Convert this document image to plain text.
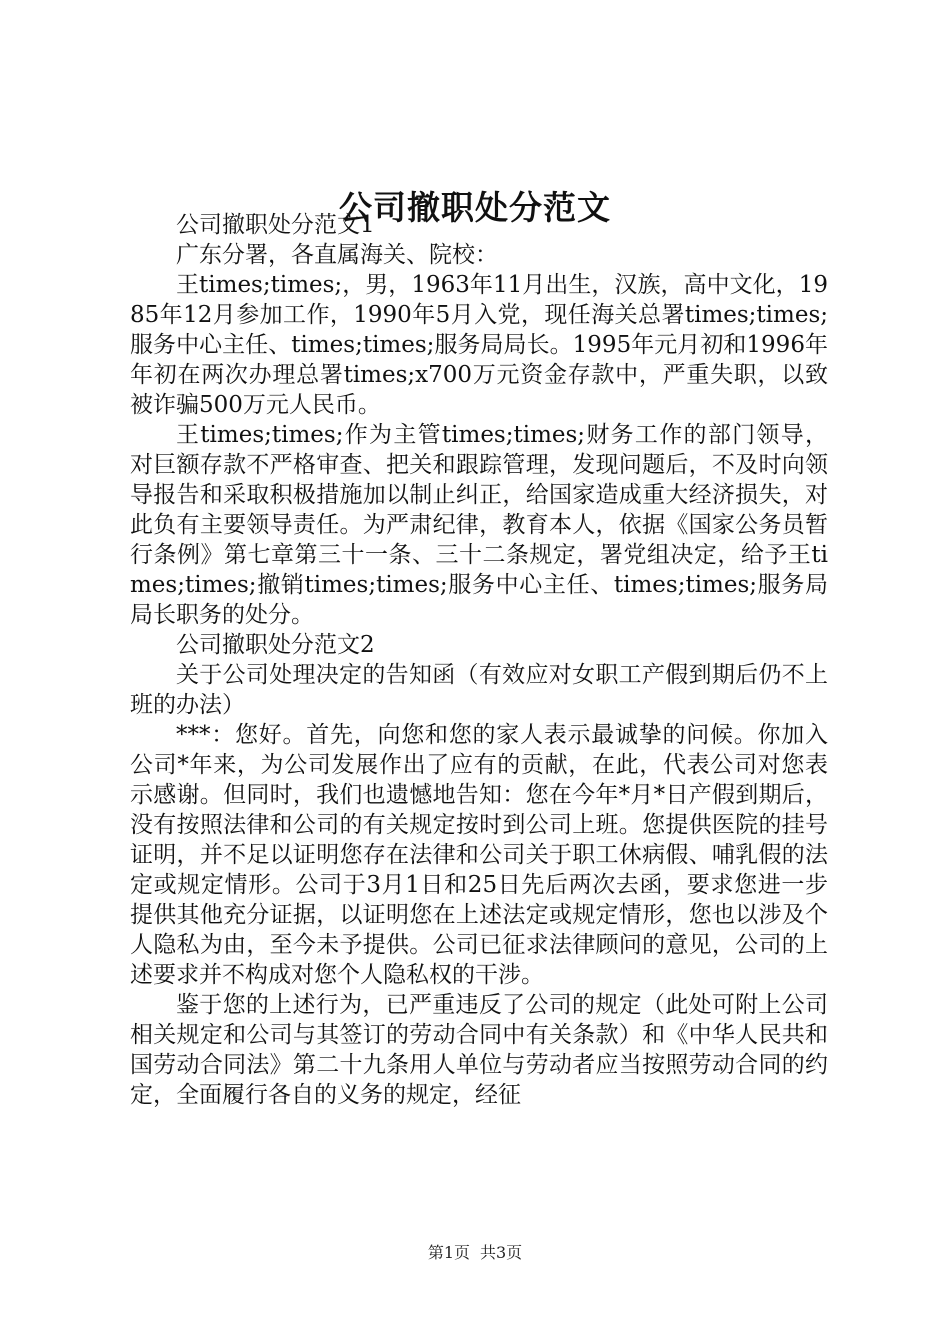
公司撤职处分范文

公司撤职处分范文1

广东分署，各直属海关、院校：

王times;times;，男，1963年11月出生，汉族，高中文化，1985年12月参加工作，1990年5月入党，现任海关总署times;times;服务中心主任、times;times;服务局局长。1995年元月初和1996年年初在两次办理总署times;x700万元资金存款中，严重失职，以致被诈骗500万元人民币。

王times;times;作为主管times;times;财务工作的部门领导，对巨额存款不严格审查、把关和跟踪管理，发现问题后，不及时向领导报告和采取积极措施加以制止纠正，给国家造成重大经济损失，对此负有主要领导责任。为严肃纪律，教育本人，依据《国家公务员暂行条例》第七章第三十一条、三十二条规定，署党组决定，给予王times;times;撤销times;times;服务中心主任、times;times;服务局局长职务的处分。

公司撤职处分范文2

关于公司处理决定的告知函（有效应对女职工产假到期后仍不上班的办法）

***：您好。首先，向您和您的家人表示最诚挚的问候。你加入公司*年来，为公司发展作出了应有的贡献，在此，代表公司对您表示感谢。但同时，我们也遗憾地告知：您在今年*月*日产假到期后，没有按照法律和公司的有关规定按时到公司上班。您提供医院的挂号证明，并不足以证明您存在法律和公司关于职工休病假、哺乳假的法定或规定情形。公司于3月1日和25日先后两次去函，要求您进一步提供其他充分证据，以证明您在上述法定或规定情形，您也以涉及个人隐私为由，至今未予提供。公司已征求法律顾问的意见，公司的上述要求并不构成对您个人隐私权的干涉。

鉴于您的上述行为，已严重违反了公司的规定（此处可附上公司相关规定和公司与其签订的劳动合同中有关条款）和《中华人民共和国劳动合同法》第二十九条用人单位与劳动者应当按照劳动合同的约定，全面履行各自的义务的规定，经征

第1页 共3页
